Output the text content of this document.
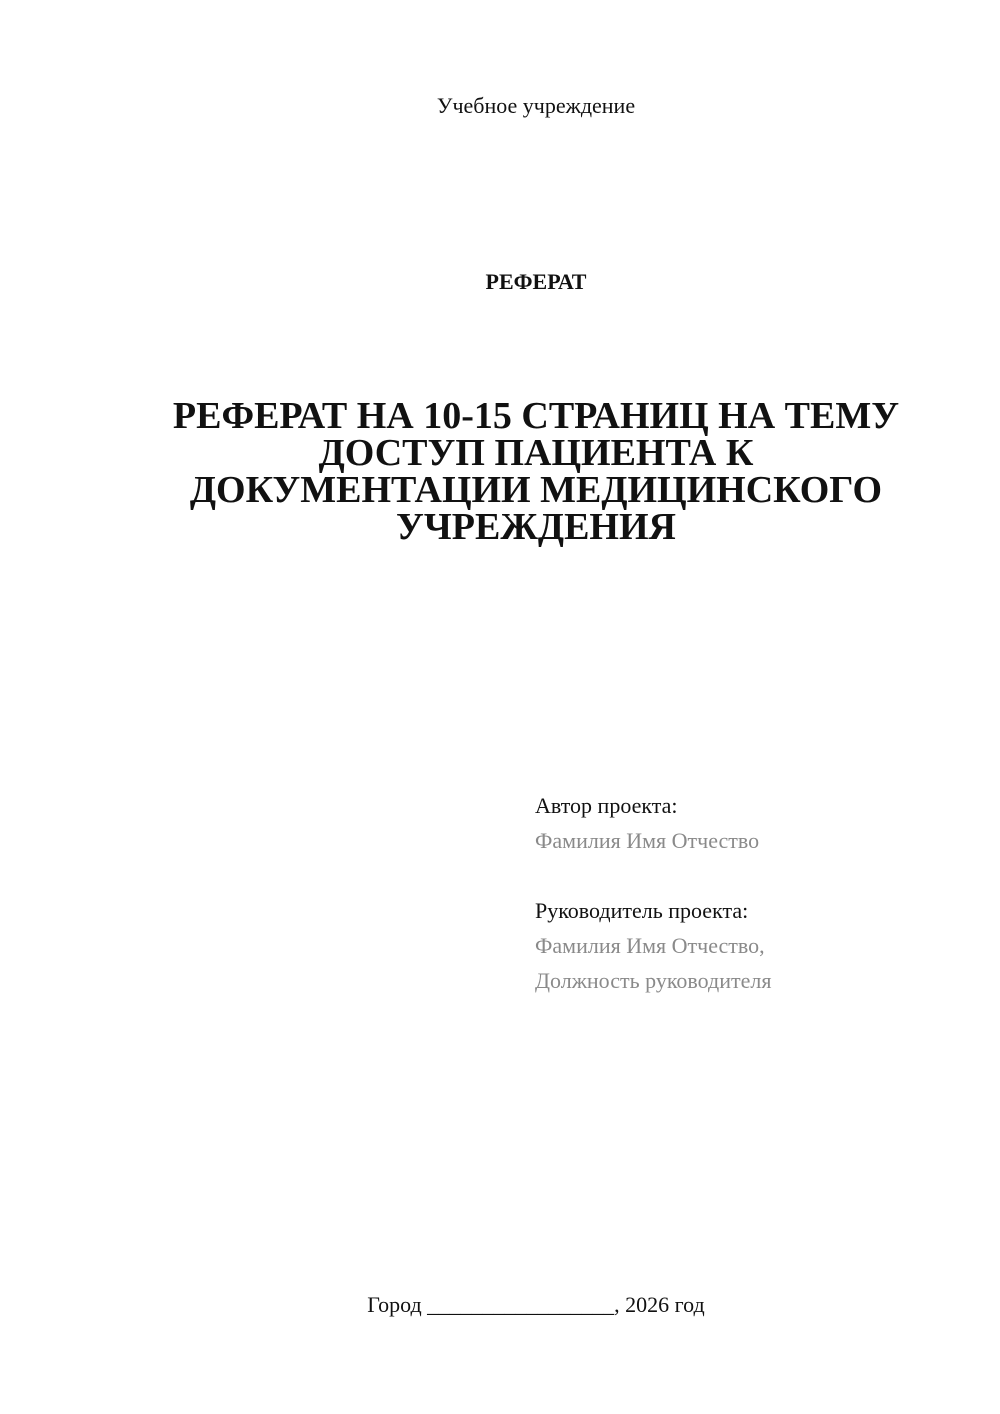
Учебное учреждение
РЕФЕРАТ
РЕФЕРАТ НА 10-15 СТРАНИЦ НА ТЕМУ
ДОСТУП ПАЦИЕНТА К
ДОКУМЕНТАЦИИ МЕДИЦИНСКОГО
УЧРЕЖДЕНИЯ
Автор проекта:
Фамилия Имя Отчество
Руководитель проекта:
Фамилия Имя Отчество,
Должность руководителя
Город _________________, 2026 год
